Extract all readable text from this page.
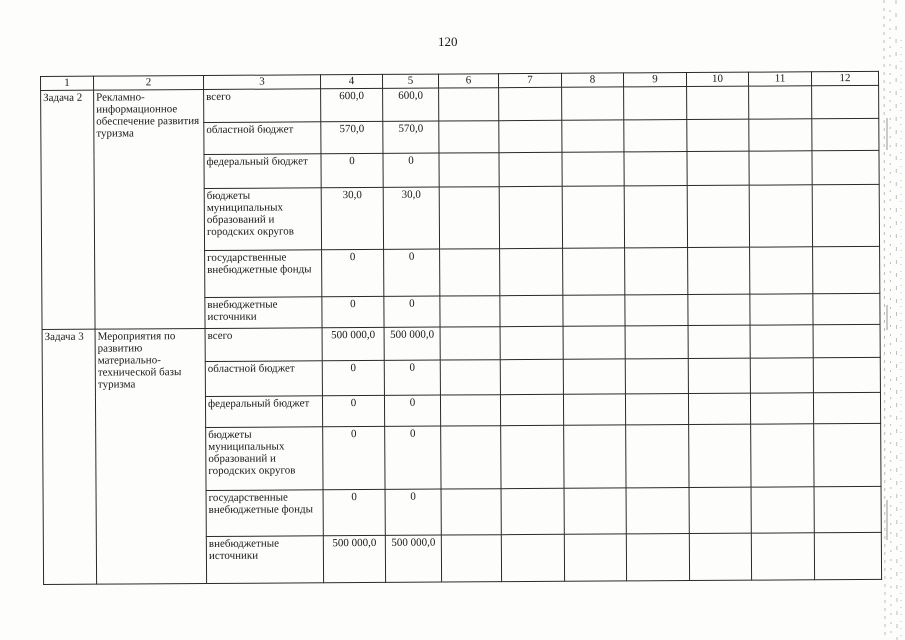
120
1	2	3	4	5	6	7	8	9	10	11	12
Задача 2	Рекламно-информационное обеспечение развития туризма	всего	600,0	600,0							
		областной бюджет	570,0	570,0							
		федеральный бюджет	0	0							
		бюджеты муниципальных образований и городских округов	30,0	30,0							
		государственные внебюджетные фонды	0	0							
		внебюджетные источники	0	0							
Задача 3	Мероприятия по развитию материально-технической базы туризма	всего	500 000,0	500 000,0							
		областной бюджет	0	0							
		федеральный бюджет	0	0							
		бюджеты муниципальных образований и городских округов	0	0							
		государственные внебюджетные фонды	0	0							
		внебюджетные источники	500 000,0	500 000,0							
